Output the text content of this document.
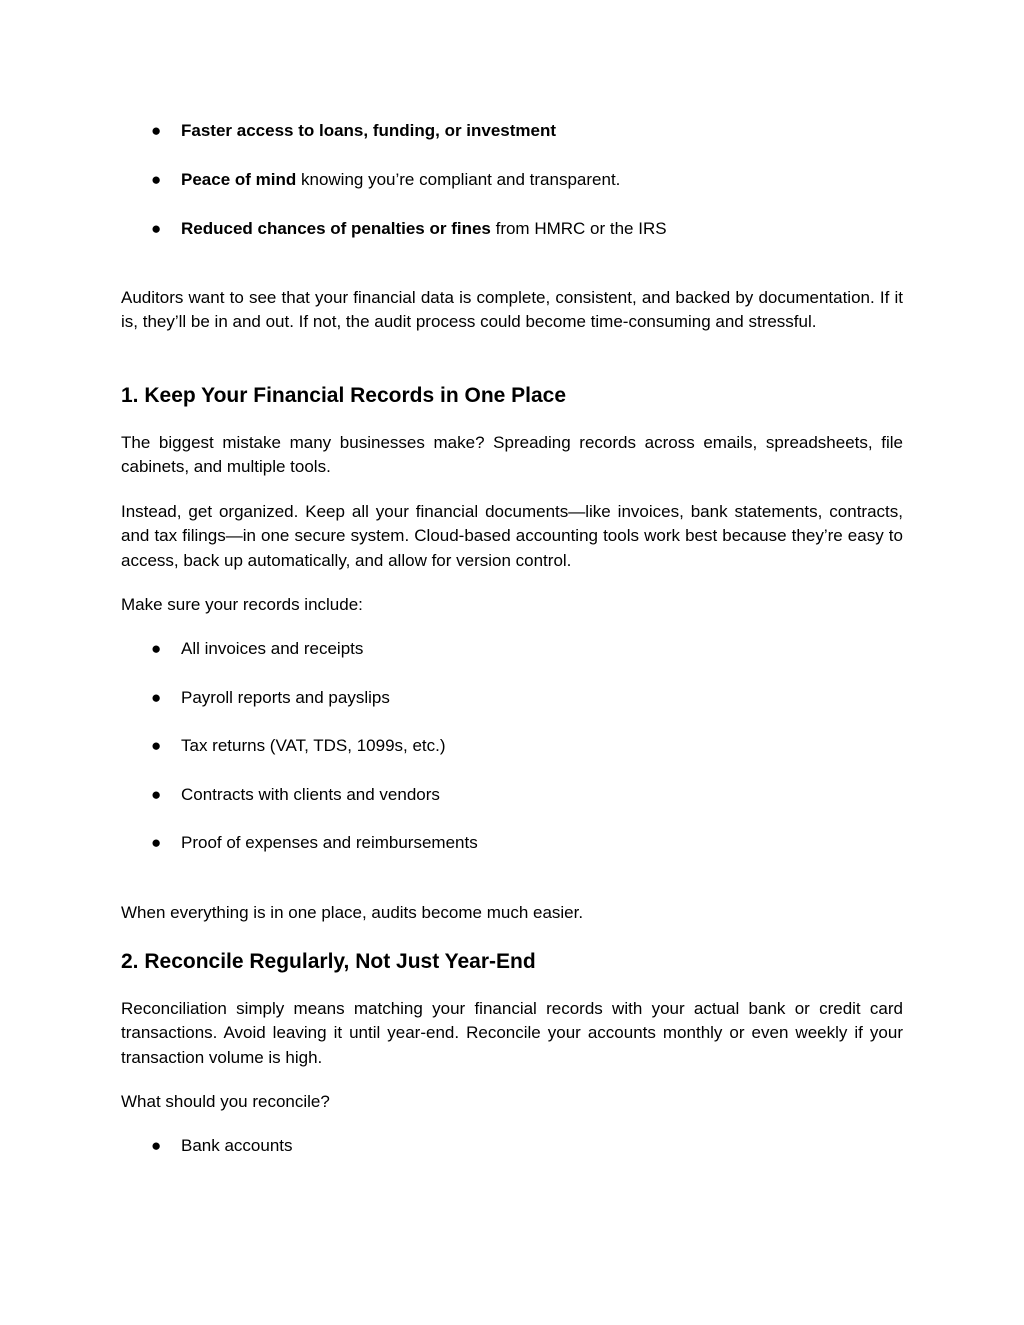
● Faster access to loans, funding, or investment
● Peace of mind knowing you’re compliant and transparent.
● Reduced chances of penalties or fines from HMRC or the IRS

Auditors want to see that your financial data is complete, consistent, and backed by documentation. If it is, they’ll be in and out. If not, the audit process could become time-consuming and stressful.

1. Keep Your Financial Records in One Place

The biggest mistake many businesses make? Spreading records across emails, spreadsheets, file cabinets, and multiple tools.

Instead, get organized. Keep all your financial documents—like invoices, bank statements, contracts, and tax filings—in one secure system. Cloud-based accounting tools work best because they’re easy to access, back up automatically, and allow for version control.

Make sure your records include:

● All invoices and receipts
● Payroll reports and payslips
● Tax returns (VAT, TDS, 1099s, etc.)
● Contracts with clients and vendors
● Proof of expenses and reimbursements

When everything is in one place, audits become much easier.

2. Reconcile Regularly, Not Just Year-End

Reconciliation simply means matching your financial records with your actual bank or credit card transactions. Avoid leaving it until year-end. Reconcile your accounts monthly or even weekly if your transaction volume is high.

What should you reconcile?

● Bank accounts
